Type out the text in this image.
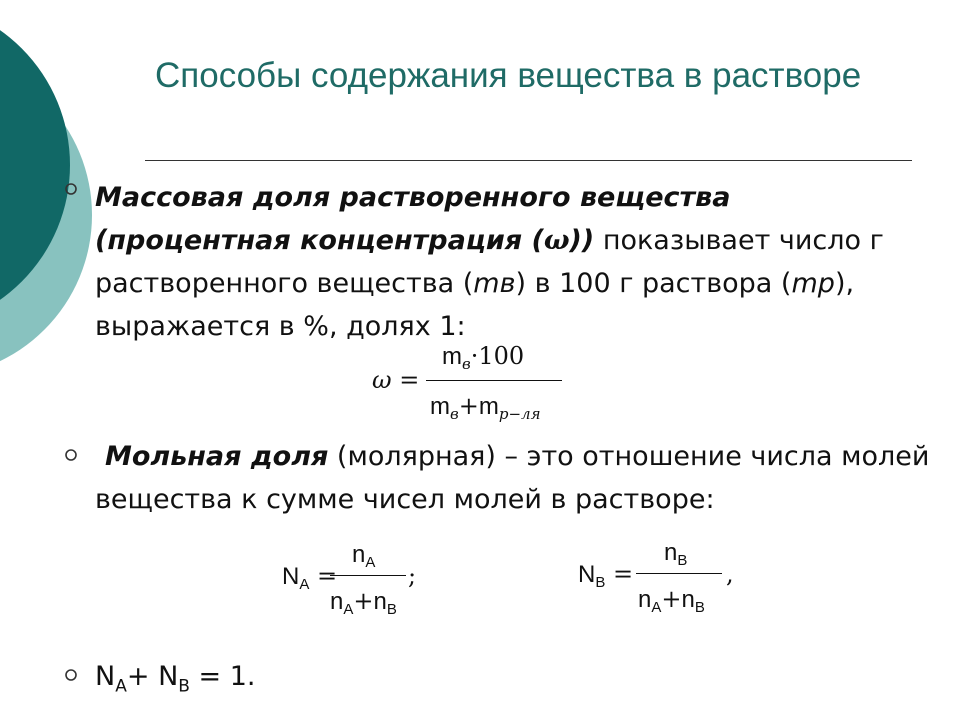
Способы содержания вещества в растворе

Массовая доля растворенного вещества (процентная концентрация (ω)) показывает число г растворенного вещества (mв) в 100 г раствора (mр), выражается в %, долях 1:

ω =
$m_в\cdot 100$
$m_в+m_{р-ля}$

Мольная доля (молярная) – это отношение числа молей вещества к сумме чисел молей в растворе:

$N_A$ =
$n_A$
$n_A+n_B$
;	$N_B$ =
$n_B$
$n_A+n_B$
,

$N_A+ N_B = 1$.
